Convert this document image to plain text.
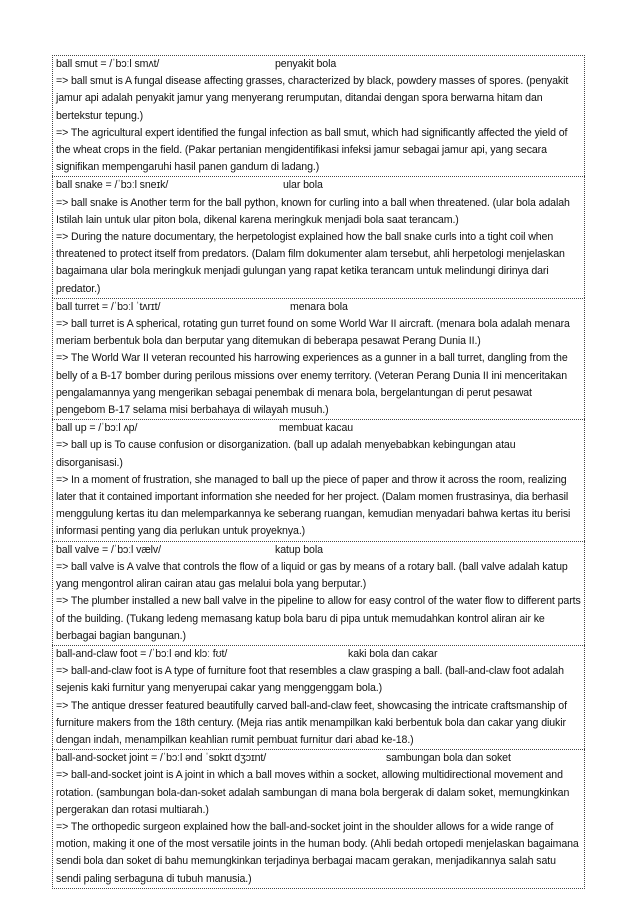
ball smut = /ˈbɔːl smʌt/	penyakit bola

=> ball smut is A fungal disease affecting grasses, characterized by black, powdery masses of spores. (penyakit jamur api adalah penyakit jamur yang menyerang rerumputan, ditandai dengan spora berwarna hitam dan bertekstur tepung.)

=> The agricultural expert identified the fungal infection as ball smut, which had significantly affected the yield of the wheat crops in the field. (Pakar pertanian mengidentifikasi infeksi jamur sebagai jamur api, yang secara signifikan mempengaruhi hasil panen gandum di ladang.)

ball snake = /ˈbɔːl sneɪk/	ular bola

=> ball snake is Another term for the ball python, known for curling into a ball when threatened. (ular bola adalah Istilah lain untuk ular piton bola, dikenal karena meringkuk menjadi bola saat terancam.)

=> During the nature documentary, the herpetologist explained how the ball snake curls into a tight coil when threatened to protect itself from predators. (Dalam film dokumenter alam tersebut, ahli herpetologi menjelaskan bagaimana ular bola meringkuk menjadi gulungan yang rapat ketika terancam untuk melindungi dirinya dari predator.)

ball turret = /ˈbɔːl ˈtʌrɪt/	menara bola

=> ball turret is A spherical, rotating gun turret found on some World War II aircraft. (menara bola adalah menara meriam berbentuk bola dan berputar yang ditemukan di beberapa pesawat Perang Dunia II.)

=> The World War II veteran recounted his harrowing experiences as a gunner in a ball turret, dangling from the belly of a B-17 bomber during perilous missions over enemy territory. (Veteran Perang Dunia II ini menceritakan pengalamannya yang mengerikan sebagai penembak di menara bola, bergelantungan di perut pesawat pengebom B-17 selama misi berbahaya di wilayah musuh.)

ball up = /ˈbɔːl ʌp/	membuat kacau

=> ball up is To cause confusion or disorganization. (ball up adalah menyebabkan kebingungan atau disorganisasi.)

=> In a moment of frustration, she managed to ball up the piece of paper and throw it across the room, realizing later that it contained important information she needed for her project. (Dalam momen frustrasinya, dia berhasil menggulung kertas itu dan melemparkannya ke seberang ruangan, kemudian menyadari bahwa kertas itu berisi informasi penting yang dia perlukan untuk proyeknya.)

ball valve = /ˈbɔːl vælv/	katup bola

=> ball valve is A valve that controls the flow of a liquid or gas by means of a rotary ball. (ball valve adalah katup yang mengontrol aliran cairan atau gas melalui bola yang berputar.)

=> The plumber installed a new ball valve in the pipeline to allow for easy control of the water flow to different parts of the building. (Tukang ledeng memasang katup bola baru di pipa untuk memudahkan kontrol aliran air ke berbagai bagian bangunan.)

ball-and-claw foot = /ˈbɔːl ənd klɔː fʊt/	kaki bola dan cakar

=> ball-and-claw foot is A type of furniture foot that resembles a claw grasping a ball. (ball-and-claw foot adalah sejenis kaki furnitur yang menyerupai cakar yang menggenggam bola.)

=> The antique dresser featured beautifully carved ball-and-claw feet, showcasing the intricate craftsmanship of furniture makers from the 18th century. (Meja rias antik menampilkan kaki berbentuk bola dan cakar yang diukir dengan indah, menampilkan keahlian rumit pembuat furnitur dari abad ke-18.)

ball-and-socket joint = /ˈbɔːl ənd ˈsɒkɪt dʒɔɪnt/	sambungan bola dan soket

=> ball-and-socket joint is A joint in which a ball moves within a socket, allowing multidirectional movement and rotation. (sambungan bola-dan-soket adalah sambungan di mana bola bergerak di dalam soket, memungkinkan pergerakan dan rotasi multiarah.)

=> The orthopedic surgeon explained how the ball-and-socket joint in the shoulder allows for a wide range of motion, making it one of the most versatile joints in the human body. (Ahli bedah ortopedi menjelaskan bagaimana sendi bola dan soket di bahu memungkinkan terjadinya berbagai macam gerakan, menjadikannya salah satu sendi paling serbaguna di tubuh manusia.)
